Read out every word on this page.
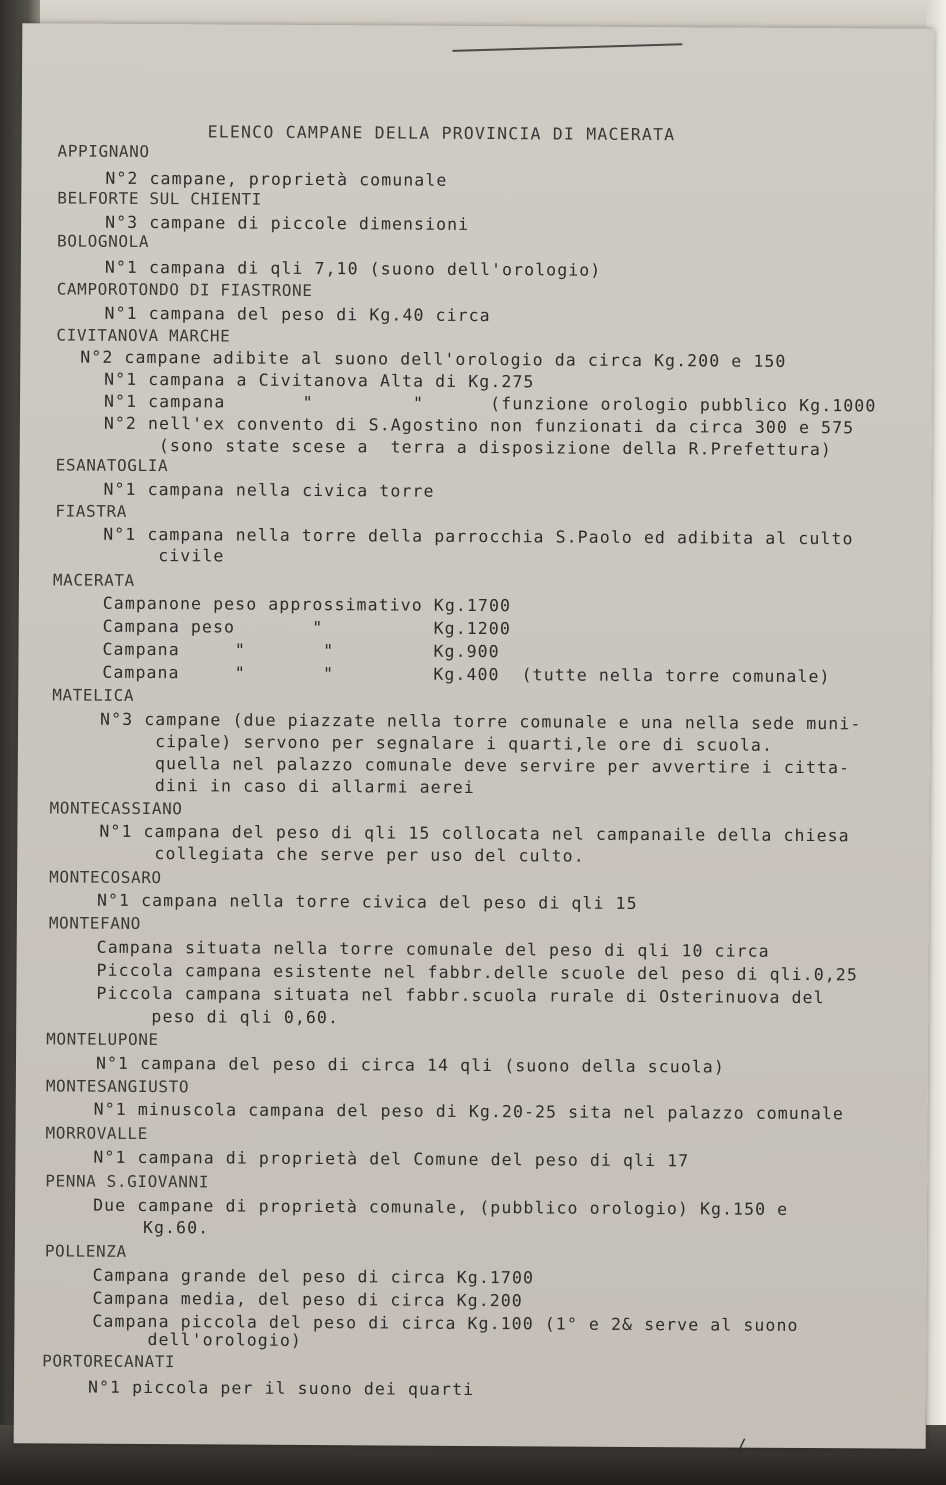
ELENCO CAMPANE DELLA PROVINCIA DI MACERATA
APPIGNANO
N°2 campane, proprietà comunale
BELFORTE SUL CHIENTI
N°3 campane di piccole dimensioni
BOLOGNOLA
N°1 campana di qli 7,10 (suono dell'orologio)
CAMPOROTONDO DI FIASTRONE
N°1 campana del peso di Kg.40 circa
CIVITANOVA MARCHE
N°2 campane adibite al suono dell'orologio da circa Kg.200 e 150
N°1 campana a Civitanova Alta di Kg.275
N°1 campana       "         "      (funzione orologio pubblico Kg.1000
N°2 nell'ex convento di S.Agostino non funzionati da circa 300 e 575
(sono state scese a  terra a disposizione della R.Prefettura)
ESANATOGLIA
N°1 campana nella civica torre
FIASTRA
N°1 campana nella torre della parrocchia S.Paolo ed adibita al culto
civile
MACERATA
Campanone peso approssimativo Kg.1700
Campana peso       "          Kg.1200
Campana     "       "         Kg.900
Campana     "       "         Kg.400  (tutte nella torre comunale)
MATELICA
N°3 campane (due piazzate nella torre comunale e una nella sede muni-
cipale) servono per segnalare i quarti,le ore di scuola.
quella nel palazzo comunale deve servire per avvertire i citta-
dini in caso di allarmi aerei
MONTECASSIANO
N°1 campana del peso di qli 15 collocata nel campanaile della chiesa
collegiata che serve per uso del culto.
MONTECOSARO
N°1 campana nella torre civica del peso di qli 15
MONTEFANO
Campana situata nella torre comunale del peso di qli 10 circa
Piccola campana esistente nel fabbr.delle scuole del peso di qli.0,25
Piccola campana situata nel fabbr.scuola rurale di Osterinuova del
peso di qli 0,60.
MONTELUPONE
N°1 campana del peso di circa 14 qli (suono della scuola)
MONTESANGIUSTO
N°1 minuscola campana del peso di Kg.20-25 sita nel palazzo comunale
MORROVALLE
N°1 campana di proprietà del Comune del peso di qli 17
PENNA S.GIOVANNI
Due campane di proprietà comunale, (pubblico orologio) Kg.150 e
Kg.60.
POLLENZA
Campana grande del peso di circa Kg.1700
Campana media, del peso di circa Kg.200
Campana piccola del peso di circa Kg.100 (1° e 2& serve al suono
dell'orologio)
PORTORECANATI
N°1 piccola per il suono dei quarti
./.
